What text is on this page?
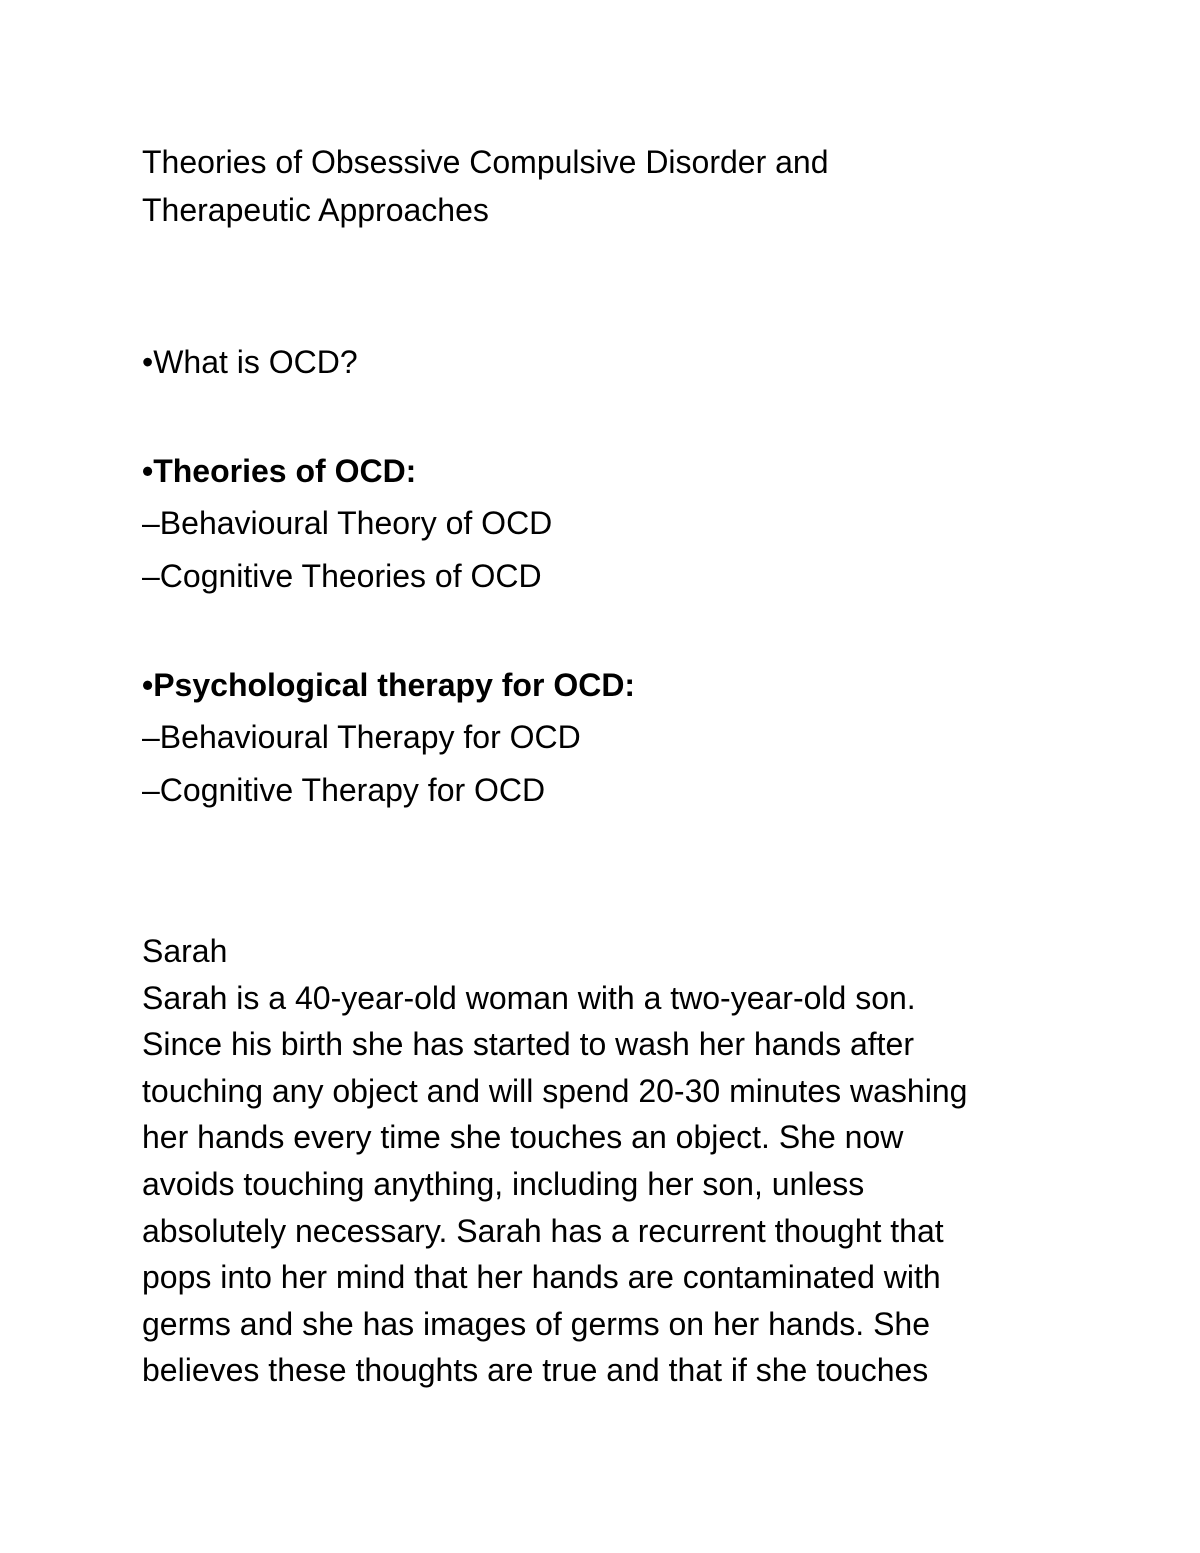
Theories of Obsessive Compulsive Disorder and
Therapeutic Approaches

•What is OCD?

•Theories of OCD:

–Behavioural Theory of OCD

–Cognitive Theories of OCD

•Psychological therapy for OCD:

–Behavioural Therapy for OCD

–Cognitive Therapy for OCD

Sarah
Sarah is a 40-year-old woman with a two-year-old son.
Since his birth she has started to wash her hands after
touching any object and will spend 20-30 minutes washing
her hands every time she touches an object. She now
avoids touching anything, including her son, unless
absolutely necessary. Sarah has a recurrent thought that
pops into her mind that her hands are contaminated with
germs and she has images of germs on her hands. She
believes these thoughts are true and that if she touches
